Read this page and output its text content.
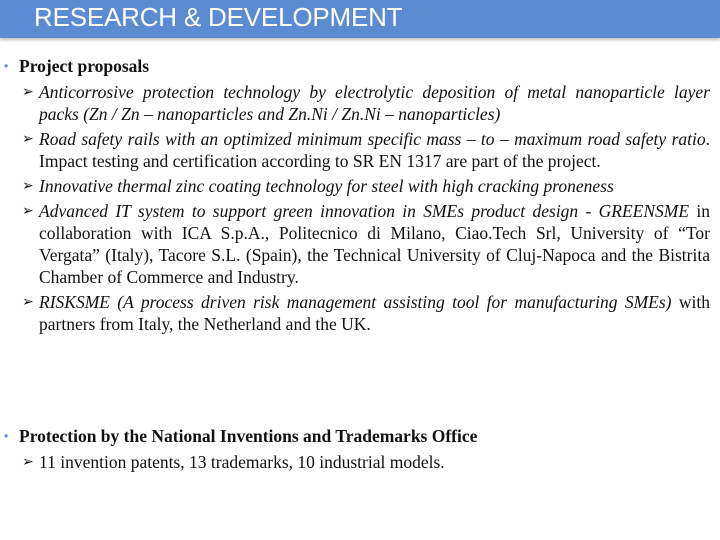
RESEARCH & DEVELOPMENT
• Project proposals
➢ Anticorrosive protection technology by electrolytic deposition of metal nanoparticle layer packs (Zn / Zn – nanoparticles and Zn.Ni / Zn.Ni – nanoparticles)
➢ Road safety rails with an optimized minimum specific mass – to – maximum road safety ratio. Impact testing and certification according to SR EN 1317 are part of the project.
➢ Innovative thermal zinc coating technology for steel with high cracking proneness
➢ Advanced IT system to support green innovation in SMEs product design - GREENSME in collaboration with ICA S.p.A., Politecnico di Milano, Ciao.Tech Srl, University of “Tor Vergata” (Italy), Tacore S.L. (Spain), the Technical University of Cluj-Napoca and the Bistrita Chamber of Commerce and Industry.
➢ RISKSME (A process driven risk management assisting tool for manufacturing SMEs) with partners from Italy, the Netherland and the UK.
• Protection by the National Inventions and Trademarks Office
➢ 11 invention patents, 13 trademarks, 10 industrial models.
